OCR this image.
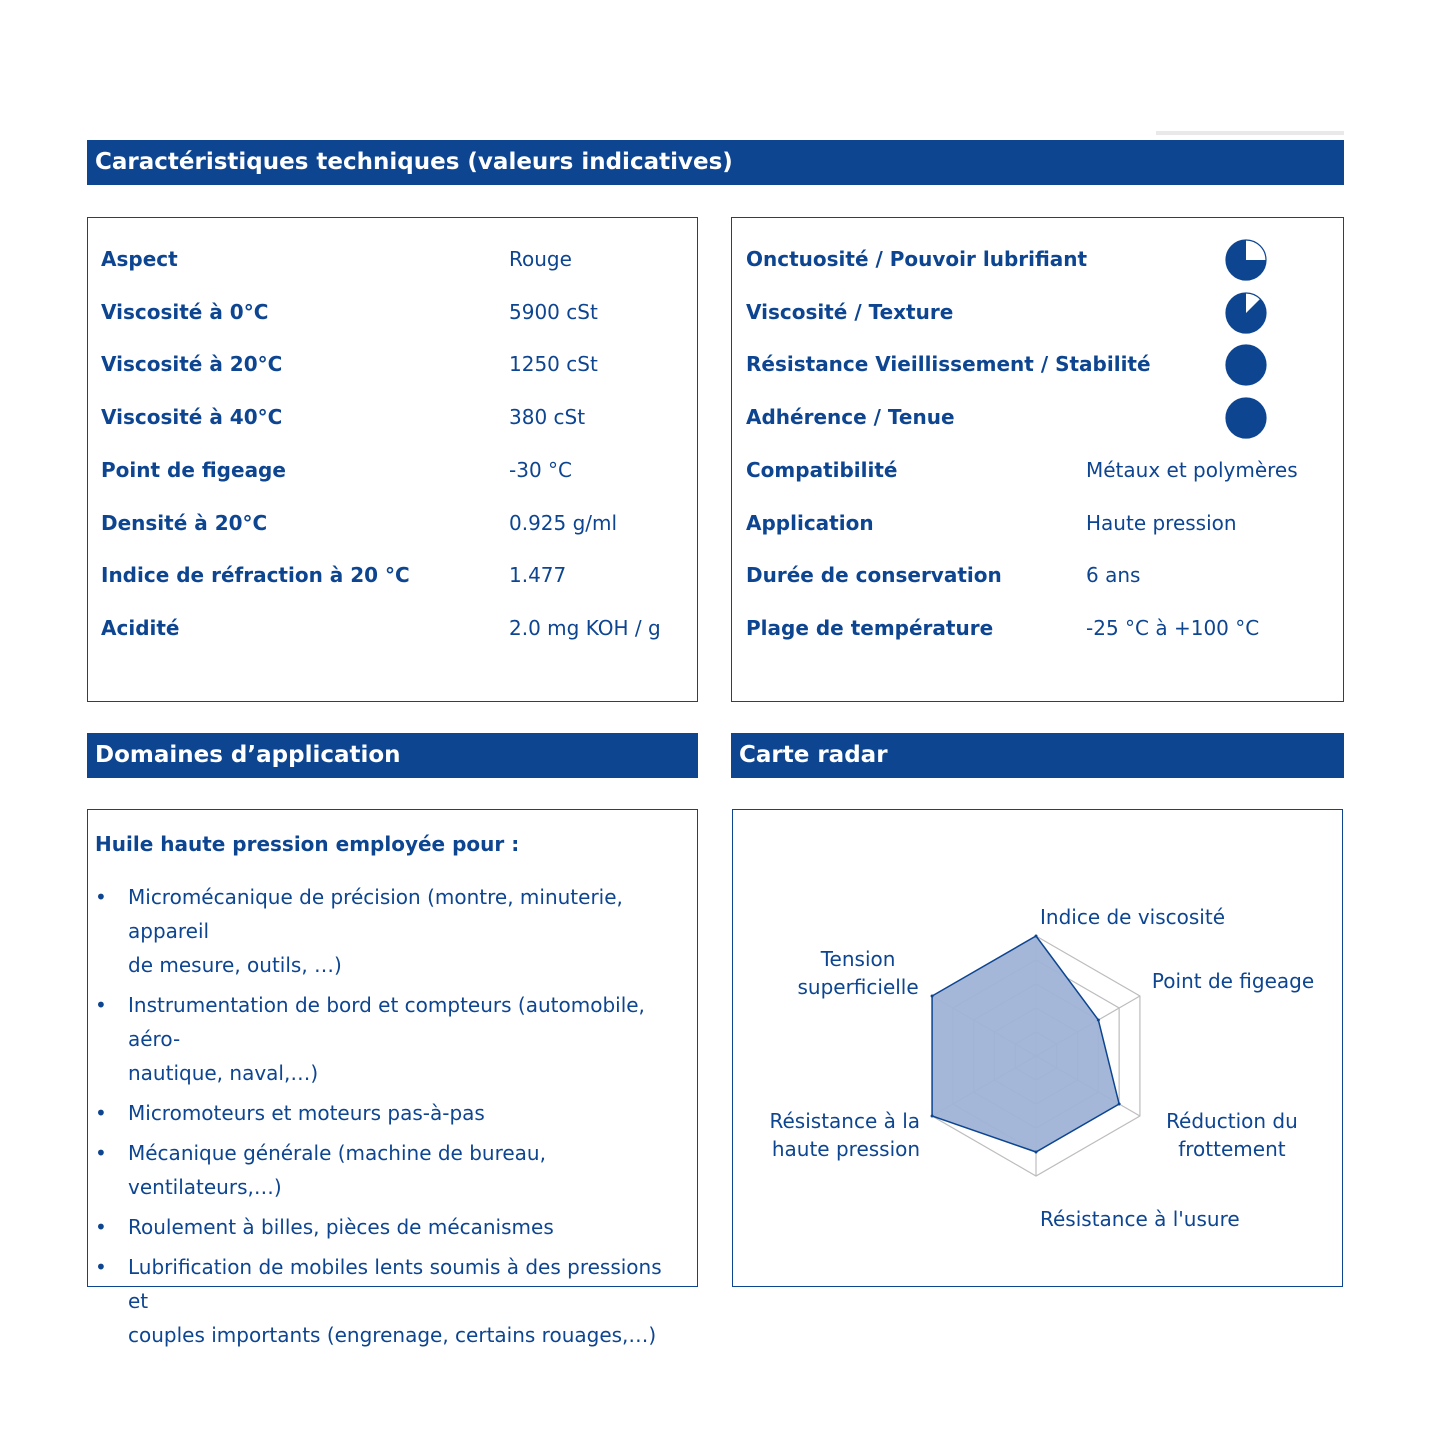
Caractéristiques techniques (valeurs indicatives)
Aspect	Rouge
Viscosité à 0°C	5900 cSt
Viscosité à 20°C	1250 cSt
Viscosité à 40°C	380 cSt
Point de figeage	-30 °C
Densité à 20°C	0.925 g/ml
Indice de réfraction à 20 °C	1.477
Acidité	2.0 mg KOH / g
Onctuosité / Pouvoir lubrifiant
Viscosité / Texture
Résistance Vieillissement / Stabilité
Adhérence / Tenue
Compatibilité	Métaux et polymères
Application	Haute pression
Durée de conservation	6 ans
Plage de température	-25 °C à +100 °C
Domaines d’application
Huile haute pression employée pour :
• Micromécanique de précision (montre, minuterie, appareil
de mesure, outils, …)
• Instrumentation de bord et compteurs (automobile, aéro-
nautique, naval,…)
• Micromoteurs et moteurs pas-à-pas
• Mécanique générale (machine de bureau, ventilateurs,…)
• Roulement à billes, pièces de mécanismes
• Lubrification de mobiles lents soumis à des pressions et
couples importants (engrenage, certains rouages,…)
Carte radar
Indice de viscosité
Point de figeage
Réduction du frottement
Résistance à l'usure
Résistance à la haute pression
Tension superficielle
